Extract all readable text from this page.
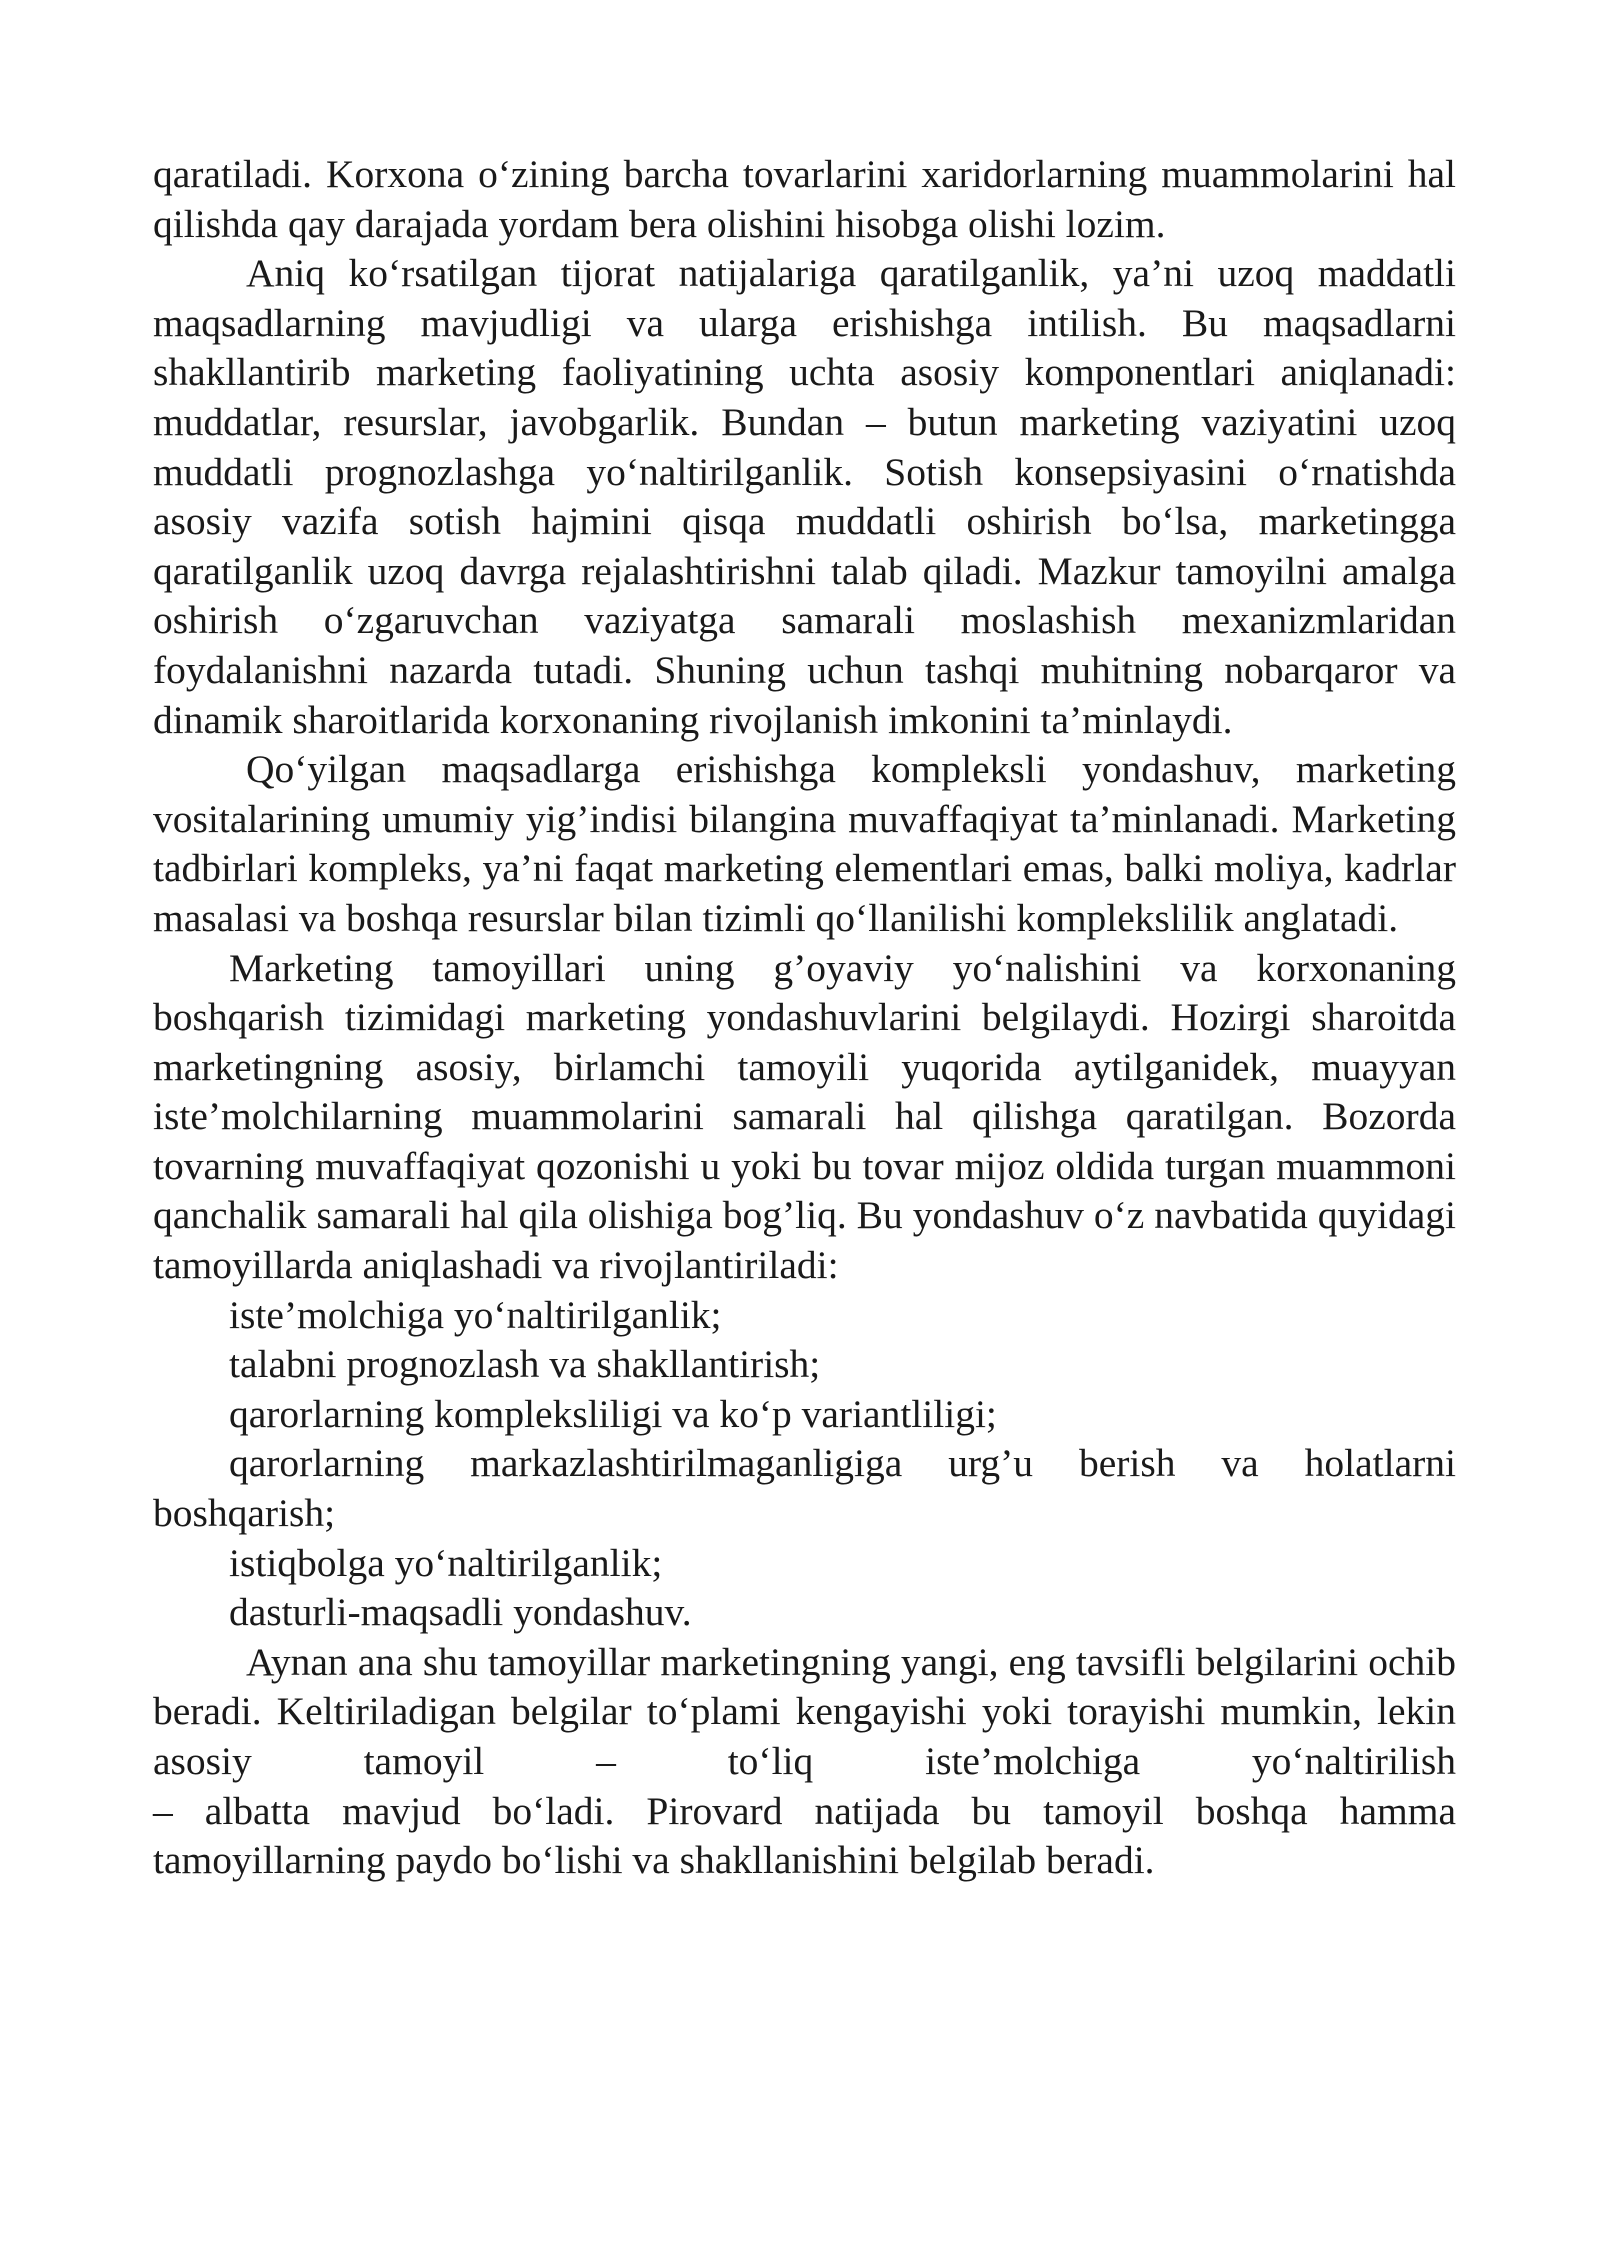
qaratiladi. Korxona o‘zining barcha tovarlarini xaridorlarning muammolarini hal qilishda qay darajada yordam bera olishini hisobga olishi lozim.

Aniq ko‘rsatilgan tijorat natijalariga qaratilganlik, ya’ni uzoq maddatli maqsadlarning mavjudligi va ularga erishishga intilish. Bu maqsadlarni shakllantirib marketing faoliyatining uchta asosiy komponentlari aniqlanadi: muddatlar, resurslar, javobgarlik. Bundan – butun marketing vaziyatini uzoq muddatli prognozlashga yo‘naltirilganlik. Sotish konsepsiyasini o‘rnatishda asosiy vazifa sotish hajmini qisqa muddatli oshirish bo‘lsa, marketingga qaratilganlik uzoq davrga rejalashtirishni talab qiladi. Mazkur tamoyilni amalga oshirish o‘zgaruvchan vaziyatga samarali moslashish mexanizmlaridan foydalanishni nazarda tutadi. Shuning uchun tashqi muhitning nobarqaror va dinamik sharoitlarida korxonaning rivojlanish imkonini ta’minlaydi.

Qo‘yilgan maqsadlarga erishishga kompleksli yondashuv, marketing vositalarining umumiy yig’indisi bilangina muvaffaqiyat ta’minlanadi. Marketing tadbirlari kompleks, ya’ni faqat marketing elementlari emas, balki moliya, kadrlar masalasi va boshqa resurslar bilan tizimli qo‘llanilishi komplekslilik anglatadi.

Marketing tamoyillari uning g’oyaviy yo‘nalishini va korxonaning boshqarish tizimidagi marketing yondashuvlarini belgilaydi. Hozirgi sharoitda marketingning asosiy, birlamchi tamoyili yuqorida aytilganidek, muayyan iste’molchilarning muammolarini samarali hal qilishga qaratilgan. Bozorda tovarning muvaffaqiyat qozonishi u yoki bu tovar mijoz oldida turgan muammoni qanchalik samarali hal qila olishiga bog’liq. Bu yondashuv o‘z navbatida quyidagi tamoyillarda aniqlashadi va rivojlantiriladi:

iste’molchiga yo‘naltirilganlik;

talabni prognozlash va shakllantirish;

qarorlarning kompleksliligi va ko‘p variantliligi;

qarorlarning markazlashtirilmaganligiga urg’u berish va holatlarni boshqarish;

istiqbolga yo‘naltirilganlik;

dasturli-maqsadli yondashuv.

Aynan ana shu tamoyillar marketingning yangi, eng tavsifli belgilarini ochib beradi. Keltiriladigan belgilar to‘plami kengayishi yoki torayishi mumkin, lekin asosiy tamoyil – to‘liq iste’molchiga yo‘naltirilish
– albatta mavjud bo‘ladi. Pirovard natijada bu tamoyil boshqa hamma tamoyillarning paydo bo‘lishi va shakllanishini belgilab beradi.
